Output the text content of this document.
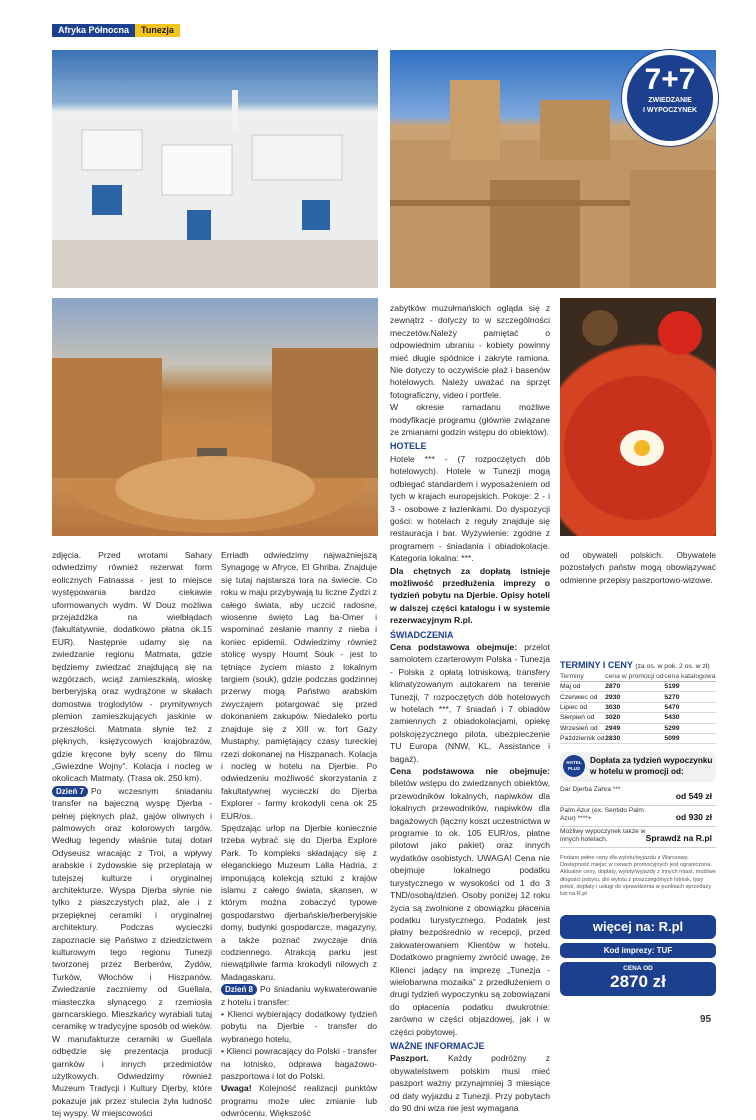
Afryka Północna	Tunezja
7+7
ZWIEDZANIE
I WYPOCZYNEK

zdjęcia. Przed wrotami Sahary odwiedzimy również rezerwat form eolicznych Fatnassa - jest to miejsce występowania bardzo ciekawie uformowanych wydm. W Douz możliwa przejażdżka na wielbłądach (fakultatywnie, dodatkowo płatna ok.15 EUR). Następnie udamy się na zwiedzanie regionu Matmata, gdzie będziemy zwiedzać znajdującą się na wzgórzach, wciąż zamieszkałą, wioskę berberyjską oraz wydrążone w skałach domostwa troglodytów - prymitywnych plemion zamieszkujących jaskinie w przeszłości. Matmata słynie też z pięknych, księżycowych krajobrazów, gdzie kręcone były sceny do filmu „Gwiezdne Wojny”. Kolacja i nocleg w okolicach Matmaty. (Trasa ok. 250 km).

Dzień 7 Po wczesnym śniadaniu transfer na bajeczną wyspę Djerba - pełnej pięknych plaż, gajów oliwnych i palmowych oraz kolorowych targów. Według legendy właśnie tutaj dotarł Odyseusz wracając z Troi, a wpływy arabskie i żydowskie się przeplatają w tutejszej kulturze i oryginalnej architekturze. Wyspa Djerba słynie nie tylko z piaszczystych plaż, ale i z przepięknej ceramiki i oryginalnej architektury. Podczas wycieczki zapoznacie się Państwo z dziedzictwem kulturowym tego regionu Tunezji tworzonej przez Berberów, Żydów, Turków, Włochów i Hiszpanów. Zwiedzanie zaczniemy od Guellala, miasteczka słynącego z rzemiosła garncarskiego. Mieszkańcy wyrabiali tutaj ceramikę w tradycyjne sposób od wieków. W manufakturze ceramiki w Guellala odbędzie się prezentacja producji garnków i innych przedmiotów użytkowych. Odwiedzimy również Muzeum Tradycji i Kultury Djerby, które pokazuje jak przez stulecia żyła ludność tej wyspy. W miejscowości

Erriadh odwiedzimy najważniejszą Synagogę w Afryce, El Ghriba. Znajduje się tutaj najstarsza tora na świecie. Co roku w maju przybywają tu liczne Żydzi z całego świata, aby uczcić radosne, wiosenne święto Lag ba-Omer i wspominać zesłanie manny z nieba i koniec epidemii. Odwiedzimy również stolicę wyspy Houmt Souk - jest to tętniące życiem miasto z lokalnym targiem (souk), gdzie podczas godzinnej przerwy mogą Państwo arabskim zwyczajem potargować się przed dokonaniem zakupów. Niedaleko portu znajduje się z XIII w. fort Gazy Mustaphy, pamiętający czasy tureckiej rzezi dokonanej na Hiszpanach. Kolacja i nocleg w hotelu na Djerbie. Po odwiedzeniu możliwość skorzystania z fakultatywnej wycieczki do Djerba Explorer - farmy krokodyli cena ok 25 EUR/os.

Spędzając urlop na Djerbie koniecznie trzeba wybrać się do Djerba Explore Park. To kompleks składający się z eleganckiego Muzeum Lalla Hadria, z imponującą kolekcją sztuki z krajów islamu z całego świata, skansen, w którym można zobaczyć typowe gospodarstwo djerbańskie/berberyjskie domy, budynki gospodarcze, magazyny, a także poznać zwyczaje dnia codziennego. Atrakcją parku jest niewątpliwie farma krokodyli nilowych z Madagaskaru.

Dzień 8 Po śniadaniu wykwaterowanie z hotelu i transfer:

• Klienci wybierający dodatkowy tydzień pobytu na Djerbie - transfer do wybranego hotelu,

• Klienci powracający do Polski - transfer na lotnisko, odprawa bagażowo-paszportowa i lot do Polski.

Uwaga! Kolejność realizacji punktów programu może ulec zmianie lub odwróceniu. Większość

zabytków muzułmańskich ogląda się z zewnątrz - dotyczy to w szczególności meczetów.Należy pamiętać o odpowiednim ubraniu - kobiety powinny mieć długie spódnice i zakryte ramiona. Nie dotyczy to oczywiście plaż i basenów hotelowych. Należy uważać na sprzęt fotograficzny, video i portfele.

W okresie ramadanu możliwe modyfikacje programu (głównie związane ze zmianami godzin wstępu do obiektów).

HOTELE

Hotele *** - (7 rozpoczętych dób hotelowych). Hotele w Tunezji mogą odbiegać standardem i wyposażeniem od tych w krajach europejskich. Pokoje: 2 - i 3 - osobowe z łazienkami. Do dyspozycji gości: w hotelach z reguły znajduje się restauracja i bar. Wyżywienie: zgodne z programem - śniadania i obiadokolacje. Kategoria lokalna: ***.

Dla chętnych za dopłatą istnieje możliwość przedłużenia imprezy o tydzień pobytu na Djerbie. Opisy hoteli w dalszej części katalogu i w systemie rezerwacyjnym R.pl.

ŚWIADCZENIA

Cena podstawowa obejmuje: przelot samolotem czarterowym Polska - Tunezja - Polska z opłatą lotniskową, transfery klimatyzowanym autokarem na terenie Tunezji, 7 rozpoczętych dób hotelowych w hotelach ***, 7 śniadań i 7 obiadów zamiennych z obiadokolacjami, opiekę polskojęzycznego pilota, ubezpieczenie TU Europa (NNW, KL, Assistance i bagaż).

Cena podstawowa nie obejmuje: biletów wstępu do zwiedzanych obiektów, przewodników lokalnych, napiwków dla lokalnych przewodników, napiwków dla bagażowych (łączny koszt uczestnictwa w programie to ok. 105 EUR/os, płatne pilotowi jako pakiet) oraz innych wydatków osobistych. UWAGA! Cena nie obejmuje lokalnego podatku turystycznego w wysokości od 1 do 3 TND/osobą/dzień. Osoby poniżej 12 roku życia są zwolnione z obowiązku płacenia podatku turystycznego. Podatek jest płatny bezpośrednio w recepcji, przed zakwaterowaniem Klientów w hotelu. Dodatkowo pragniemy zwrócić uwagę, że Klienci jadący na imprezę „Tunezja - wielobarwna mozaika” z przedłużeniem o drugi tydzień wypoczynku są zobowiązani do opłacenia podatku dwukrotnie: zarówno w części objazdowej, jak i w części pobytowej.

WAŻNE INFORMACJE

Paszport. Każdy podróżny z obywatelstwem polskim musi mieć paszport ważny przynajmniej 3 miesiące od daty wyjazdu z Tunezji. Przy pobytach do 90 dni wiza nie jest wymagana

od obywateli polskich. Obywatele pozostałych państw mogą obowiązywać odmienne przepisy paszportowo-wizowe.

TERMINY I CENY (za os. w pok. 2 os. w zł)
Terminy	cena w promocji od	cena katalogowa
Maj od	2870	5199
Czerwiec od	2930	5270
Lipiec od	3030	5470
Sierpień od	3020	5430
Wrzesień od	2949	5299
Październik od	2830	5099
HOTEL
PLUS
Dopłata za tydzień wypoczynku w hotelu w promocji od:
Dar Djerba Zahra ***
od 549 zł
Palm Azur (ex. Sentido Palm Azur) ****+	od 930 zł
Możliwy wypoczynek także w innych hotelach.	Sprawdź na R.pl
Podano pełne ceny dla wylotu/wyjazdu z Warszawy. Dostępność miejsc w cenach promocyjnych jest ograniczona. Aktualne ceny, dopłaty, wyloty/wyjazdy z innych miast, możliwe długości pobytu, dni wylotu z poszczególnych lotnisk, typy pokoi, dopłaty i usługi do sprawdzenia w punktach sprzedaży lub na R.pl
więcej na: R.pl
Kod imprezy: TUF
CENA OD
2870 zł
95
